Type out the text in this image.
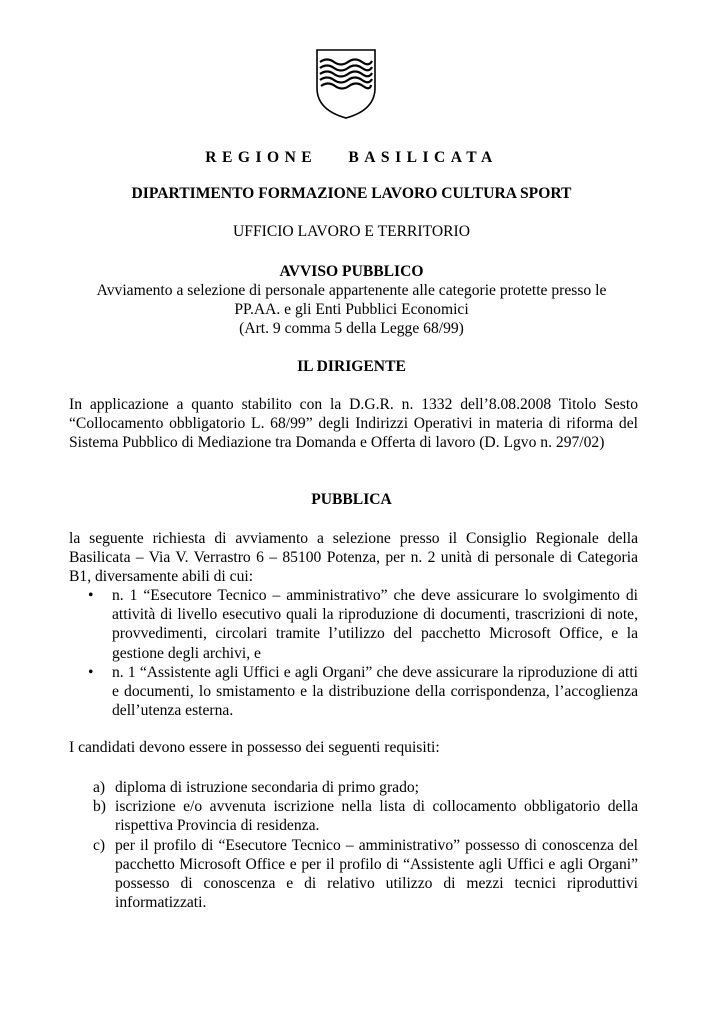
REGIONE BASILICATA
DIPARTIMENTO FORMAZIONE LAVORO CULTURA SPORT
UFFICIO LAVORO E TERRITORIO
AVVISO PUBBLICO
Avviamento a selezione di personale appartenente alle categorie protette presso le
PP.AA. e gli Enti Pubblici Economici
(Art. 9 comma 5 della Legge 68/99)
IL DIRIGENTE
In applicazione a quanto stabilito con la D.G.R. n. 1332 dell’8.08.2008 Titolo Sesto “Collocamento obbligatorio L. 68/99” degli Indirizzi Operativi in materia di riforma del Sistema Pubblico di Mediazione tra Domanda e Offerta di lavoro (D. Lgvo n. 297/02)
PUBBLICA
la seguente richiesta di avviamento a selezione presso il Consiglio Regionale della Basilicata – Via V. Verrastro 6 – 85100 Potenza, per n. 2 unità di personale di Categoria B1, diversamente abili di cui:
• n. 1 “Esecutore Tecnico – amministrativo” che deve assicurare lo svolgimento di attività di livello esecutivo quali la riproduzione di documenti, trascrizioni di note, provvedimenti, circolari tramite l’utilizzo del pacchetto Microsoft Office, e la gestione degli archivi, e
• n. 1 “Assistente agli Uffici e agli Organi” che deve assicurare la riproduzione di atti e documenti, lo smistamento e la distribuzione della corrispondenza, l’accoglienza dell’utenza esterna.
I candidati devono essere in possesso dei seguenti requisiti:
a) diploma di istruzione secondaria di primo grado;
b) iscrizione e/o avvenuta iscrizione nella lista di collocamento obbligatorio della rispettiva Provincia di residenza.
c) per il profilo di “Esecutore Tecnico – amministrativo” possesso di conoscenza del pacchetto Microsoft Office e per il profilo di “Assistente agli Uffici e agli Organi” possesso di conoscenza e di relativo utilizzo di mezzi tecnici riproduttivi informatizzati.
